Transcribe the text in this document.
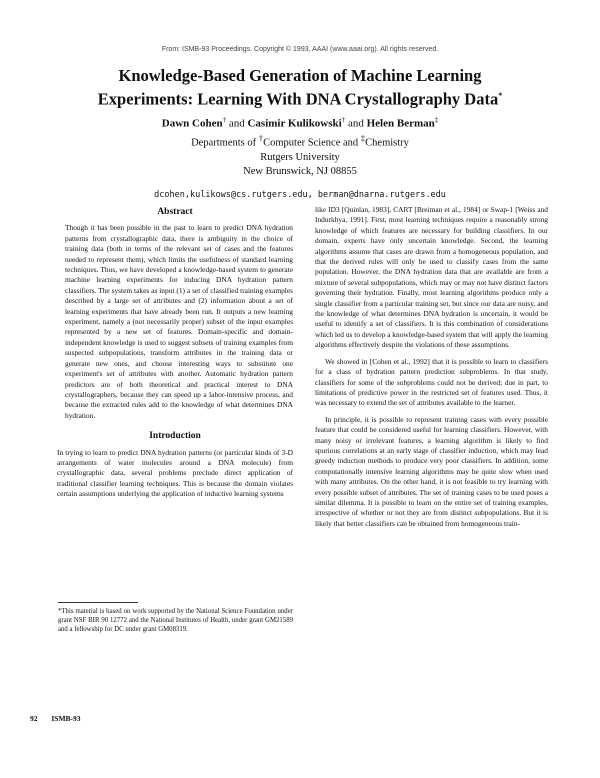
From: ISMB-93 Proceedings. Copyright © 1993, AAAI (www.aaai.org). All rights reserved.
Knowledge-Based Generation of Machine Learning
Experiments: Learning With DNA Crystallography Data*
Dawn Cohen† and Casimir Kulikowski† and Helen Berman‡
Departments of †Computer Science and ‡Chemistry
Rutgers University
New Brunswick, NJ 08855
dcohen,kulikows@cs.rutgers.edu, berman@dnarna.rutgers.edu
Abstract

Though it has been possible in the past to learn to predict DNA hydration patterns from crystallographic data, there is ambiguity in the choice of training data (both in terms of the relevant set of cases and the features needed to represent them), which limits the usefulness of standard learning techniques. Thus, we have developed a knowledge-based system to generate machine learning experiments for inducing DNA hydration pattern classifiers. The system takes as input (1) a set of classified training examples described by a large set of attributes and (2) information about a set of learning experiments that have already been run. It outputs a new learning experiment, namely a (not necessarily proper) subset of the input examples represented by a new set of features. Domain-specific and domain-independent knowledge is used to suggest subsets of training examples from suspected subpopulations, transform attributes in the training data or generate new ones, and choose interesting ways to substitute one experiment's set of attributes with another. Automatic hydration pattern predictors are of both theoretical and practical interest to DNA crystallographers, because they can speed up a labor-intensive process, and because the extracted rules add to the knowledge of what determines DNA hydration.

Introduction

In trying to learn to predict DNA hydration patterns (or particular kinds of 3-D arrangements of water molecules around a DNA molecule) from crystallographic data, several problems preclude direct application of traditional classifier learning techniques. This is because the domain violates certain assumptions underlying the application of inductive learning systems

*This material is based on work supported by the National Science Foundation under grant NSF BIR 90 12772 and the National Institutes of Health, under grant GM21589 and a fellowship for DC under grant GM08319.

like ID3 [Quinlan, 1983], CART [Breiman et al., 1984] or Swap-1 [Weiss and Indurkhya, 1991]. First, most learning techniques require a reasonably strong knowledge of which features are necessary for building classifiers. In our domain, experts have only uncertain knowledge. Second, the learning algorithms assume that cases are drawn from a homogeneous population, and that the derived rules will only be used to classify cases from the same population. However, the DNA hydration data that are available are from a mixture of several subpopulations, which may or may not have distinct factors governing their hydration. Finally, most learning algorithms produce only a single classifier from a particular training set, but since our data are noisy, and the knowledge of what determines DNA hydration is uncertain, it would be useful to identify a set of classifiers. It is this combination of considerations which led us to develop a knowledge-based system that will apply the learning algorithms effectively despite the violations of these assumptions.

We showed in [Cohen et al., 1992] that it is possible to learn to classifiers for a class of hydration pattern prediction subproblems. In that study, classifiers for some of the subproblems could not be derived; due in part, to limitations of predictive power in the restricted set of features used. Thus, it was necessary to extend the set of attributes available to the learner.

In principle, it is possible to represent training cases with every possible feature that could be considered useful for learning classifiers. However, with many noisy or irrelevant features, a learning algorithm is likely to find spurious correlations at an early stage of classifier induction, which may lead greedy induction methods to produce very poor classifiers. In addition, some computationally intensive learning algorithms may be quite slow when used with many attributes. On the other hand, it is not feasible to try learning with every possible subset of attributes. The set of training cases to be used poses a similar dilemma. It is possible to learn on the entire set of training examples, irrespective of whether or not they are from distinct subpopulations. But it is likely that better classifiers can be obtained from homogeneous train-

92 ISMB-93
